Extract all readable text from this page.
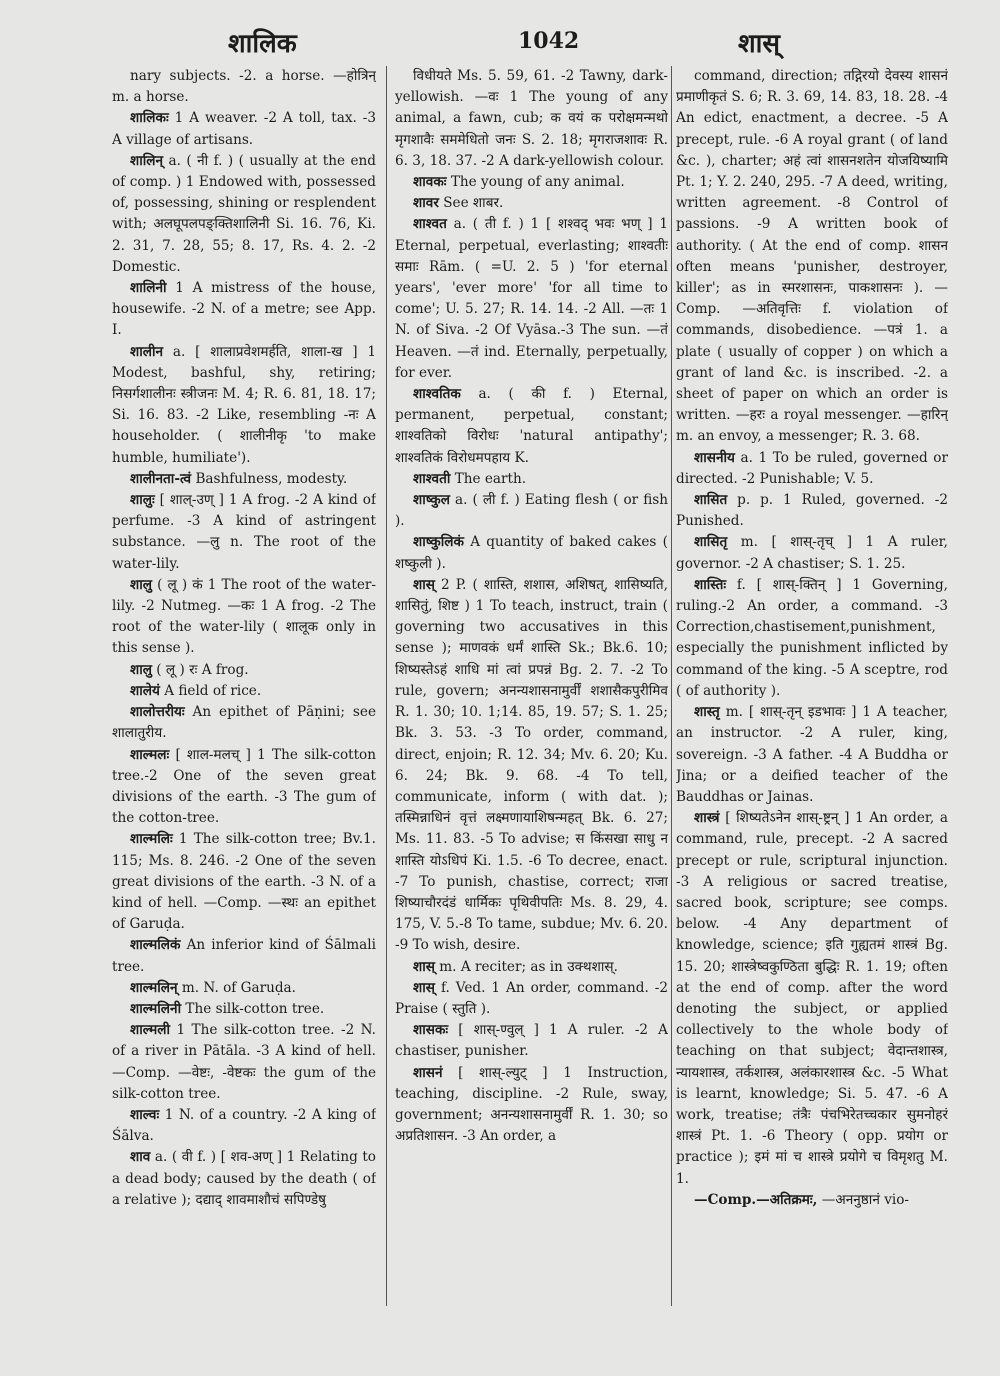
शालिक	1042	शास्

nary subjects. -2. a horse. —होत्रिन् m. a horse.

शालिकः 1 A weaver. -2 A toll, tax. -3 A village of artisans.

शालिन् a. ( नी f. ) ( usually at the end of comp. ) 1 Endowed with, possessed of, possessing, shining or resplendent with; अलघूपलपङ्क्तिशालिनी Si. 16. 76, Ki. 2. 31, 7. 28, 55; 8. 17, Rs. 4. 2. -2 Domestic.

शालिनी 1 A mistress of the house, housewife. -2 N. of a metre; see App. I.

शालीन a. [ शालाप्रवेशमर्हति, शाला-ख ] 1 Modest, bashful, shy, retiring; निसर्गशालीनः स्त्रीजनः M. 4; R. 6. 81, 18. 17; Si. 16. 83. -2 Like, resembling -नः A householder. ( शालीनीकृ 'to make humble, humiliate').

शालीनता-त्वं Bashfulness, modesty.

शालुः [ शाल्-उण् ] 1 A frog. -2 A kind of perfume. -3 A kind of astringent substance. —लु n. The root of the water-lily.

शालु ( लू ) कं 1 The root of the water-lily. -2 Nutmeg. —कः 1 A frog. -2 The root of the water-lily ( शालूक only in this sense ).

शालु ( लू ) रः A frog.

शालेयं A field of rice.

शालोत्तरीयः An epithet of Pāṇini; see शालातुरीय.

शाल्मलः [ शाल-मलच् ] 1 The silk-cotton tree.-2 One of the seven great divisions of the earth. -3 The gum of the cotton-tree.

शाल्मलिः 1 The silk-cotton tree; Bv.1. 115; Ms. 8. 246. -2 One of the seven great divisions of the earth. -3 N. of a kind of hell. —Comp. —स्थः an epithet of Garuḍa.

शाल्मलिकं An inferior kind of Śālmali tree.

शाल्मलिन् m. N. of Garuḍa.

शाल्मलिनी The silk-cotton tree.

शाल्मली 1 The silk-cotton tree. -2 N. of a river in Pātāla. -3 A kind of hell. —Comp. —वेष्टः, -वेष्टकः the gum of the silk-cotton tree.

शाल्वः 1 N. of a country. -2 A king of Śālva.

शाव a. ( वी f. ) [ शव-अण् ] 1 Relating to a dead body; caused by the death ( of a relative ); दद्याद् शावमाशौचं सपिण्डेषु

विधीयते Ms. 5. 59, 61. -2 Tawny, dark-yellowish. —वः 1 The young of any animal, a fawn, cub; क वयं क परोक्षमन्मथो मृगशावैः सममेधितो जनः S. 2. 18; मृगराजशावः R. 6. 3, 18. 37. -2 A dark-yellowish colour.

शावकः The young of any animal.

शावर See शाबर.

शाश्वत a. ( ती f. ) 1 [ शश्वद् भवः भण् ] 1 Eternal, perpetual, everlasting; शाश्वतीः समाः Rām. ( =U. 2. 5 ) 'for eternal years', 'ever more' 'for all time to come'; U. 5. 27; R. 14. 14. -2 All. —तः 1 N. of Siva. -2 Of Vyāsa.-3 The sun. —तं Heaven. —तं ind. Eternally, perpetually, for ever.

शाश्वतिक a. ( की f. ) Eternal, permanent, perpetual, constant; शाश्वतिको विरोधः 'natural antipathy'; शाश्वतिकं विरोधमपहाय K.

शाश्वती The earth.

शाष्कुल a. ( ली f. ) Eating flesh ( or fish ).

शाष्कुलिकं A quantity of baked cakes ( शष्कुली ).

शास् 2 P. ( शास्ति, शशास, अशिषत्, शासिष्यति, शासितुं, शिष्ट ) 1 To teach, instruct, train ( governing two accusatives in this sense ); माणवकं धर्मं शास्ति Sk.; Bk.6. 10; शिष्यस्तेऽहं शाधि मां त्वां प्रपन्नं Bg. 2. 7. -2 To rule, govern; अनन्यशासनामुर्वीं शशासैकपुरीमिव R. 1. 30; 10. 1;14. 85, 19. 57; S. 1. 25; Bk. 3. 53. -3 To order, command, direct, enjoin; R. 12. 34; Mv. 6. 20; Ku. 6. 24; Bk. 9. 68. -4 To tell, communicate, inform ( with dat. ); तस्मिन्नाधिनं वृत्तं लक्ष्मणायाशिषन्महत् Bk. 6. 27; Ms. 11. 83. -5 To advise; स किंसखा साधु न शास्ति योऽधिपं Ki. 1.5. -6 To decree, enact. -7 To punish, chastise, correct; राजा शिष्याचौरदंडं धार्मिकः पृथिवीपतिः Ms. 8. 29, 4. 175, V. 5.-8 To tame, subdue; Mv. 6. 20. -9 To wish, desire.

शास् m. A reciter; as in उक्थशास्.

शास् f. Ved. 1 An order, command. -2 Praise ( स्तुति ).

शासकः [ शास्-ण्वुल् ] 1 A ruler. -2 A chastiser, punisher.

शासनं [ शास्-ल्युट् ] 1 Instruction, teaching, discipline. -2 Rule, sway, government; अनन्यशासनामुर्वीं R. 1. 30; so अप्रतिशासन. -3 An order, a

command, direction; तद्गिरयो देवस्य शासनं प्रमाणीकृतं S. 6; R. 3. 69, 14. 83, 18. 28. -4 An edict, enactment, a decree. -5 A precept, rule. -6 A royal grant ( of land &c. ), charter; अहं त्वां शासनशतेन योजयिष्यामि Pt. 1; Y. 2. 240, 295. -7 A deed, writing, written agreement. -8 Control of passions. -9 A written book of authority. ( At the end of comp. शासन often means 'punisher, destroyer, killer'; as in स्मरशासनः, पाकशासनः ). —Comp. —अतिवृत्तिः f. violation of commands, disobedience. —पत्रं 1. a plate ( usually of copper ) on which a grant of land &c. is inscribed. -2. a sheet of paper on which an order is written. —हरः a royal messenger. —हारिन् m. an envoy, a messenger; R. 3. 68.

शासनीय a. 1 To be ruled, governed or directed. -2 Punishable; V. 5.

शासित p. p. 1 Ruled, governed. -2 Punished.

शासितृ m. [ शास्-तृच् ] 1 A ruler, governor. -2 A chastiser; S. 1. 25.

शास्तिः f. [ शास्-क्तिन् ] 1 Governing, ruling.-2 An order, a command. -3 Correction,chastisement,punishment, especially the punishment inflicted by command of the king. -5 A sceptre, rod ( of authority ).

शास्तृ m. [ शास्-तृन् इडभावः ] 1 A teacher, an instructor. -2 A ruler, king, sovereign. -3 A father. -4 A Buddha or Jina; or a deified teacher of the Bauddhas or Jainas.

शास्त्रं [ शिष्यतेऽनेन शास्-ष्ट्रन् ] 1 An order, a command, rule, precept. -2 A sacred precept or rule, scriptural injunction. -3 A religious or sacred treatise, sacred book, scripture; see comps. below. -4 Any department of knowledge, science; इति गुह्यतमं शास्त्रं Bg. 15. 20; शास्त्रेष्वकुण्ठिता बुद्धिः R. 1. 19; often at the end of comp. after the word denoting the subject, or applied collectively to the whole body of teaching on that subject; वेदान्तशास्त्र, न्यायशास्त्र, तर्कशास्त्र, अलंकारशास्त्र &c. -5 What is learnt, knowledge; Si. 5. 47. -6 A work, treatise; तंत्रैः पंचभिरेतच्चकार सुमनोहरं शास्त्रं Pt. 1. -6 Theory ( opp. प्रयोग or practice ); इमं मां च शास्त्रे प्रयोगे च विमृशतु M. 1.

—Comp.—अतिक्रमः, —अननुष्ठानं vio-
